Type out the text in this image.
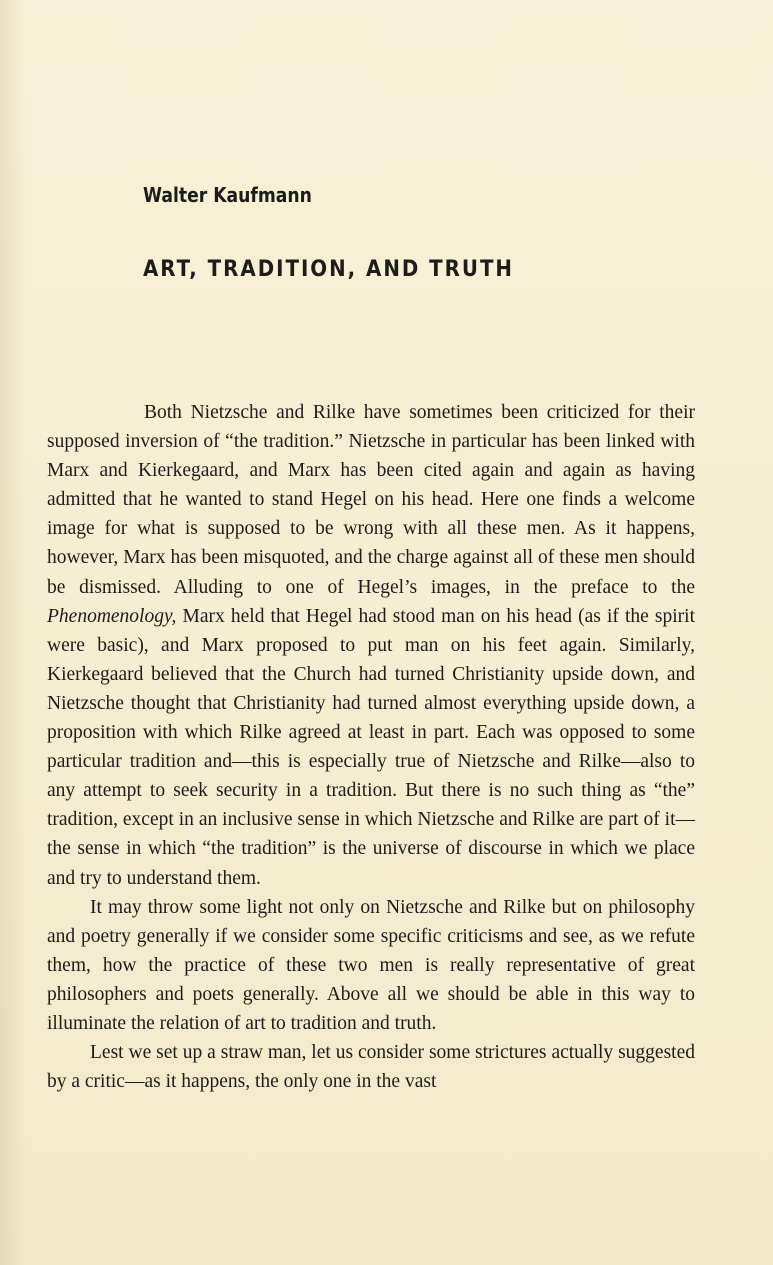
Walter Kaufmann
ART, TRADITION, AND TRUTH

Both Nietzsche and Rilke have sometimes been criticized for their supposed inversion of “the tradition.” Nietzsche in particular has been linked with Marx and Kierkegaard, and Marx has been cited again and again as having admitted that he wanted to stand Hegel on his head. Here one finds a welcome image for what is supposed to be wrong with all these men. As it happens, however, Marx has been misquoted, and the charge against all of these men should be dismissed. Alluding to one of Hegel’s images, in the preface to the Phenomenology, Marx held that Hegel had stood man on his head (as if the spirit were basic), and Marx proposed to put man on his feet again. Similarly, Kierkegaard believed that the Church had turned Christianity upside down, and Nietzsche thought that Christianity had turned almost everything upside down, a proposition with which Rilke agreed at least in part. Each was opposed to some particular tradition and—this is especially true of Nietzsche and Rilke—also to any attempt to seek security in a tradition. But there is no such thing as “the” tradition, except in an inclusive sense in which Nietzsche and Rilke are part of it—the sense in which “the tradition” is the universe of discourse in which we place and try to understand them.

It may throw some light not only on Nietzsche and Rilke but on philosophy and poetry generally if we consider some specific criticisms and see, as we refute them, how the practice of these two men is really representative of great philosophers and poets generally. Above all we should be able in this way to illuminate the relation of art to tradition and truth.

Lest we set up a straw man, let us consider some strictures actually suggested by a critic—as it happens, the only one in the vast
